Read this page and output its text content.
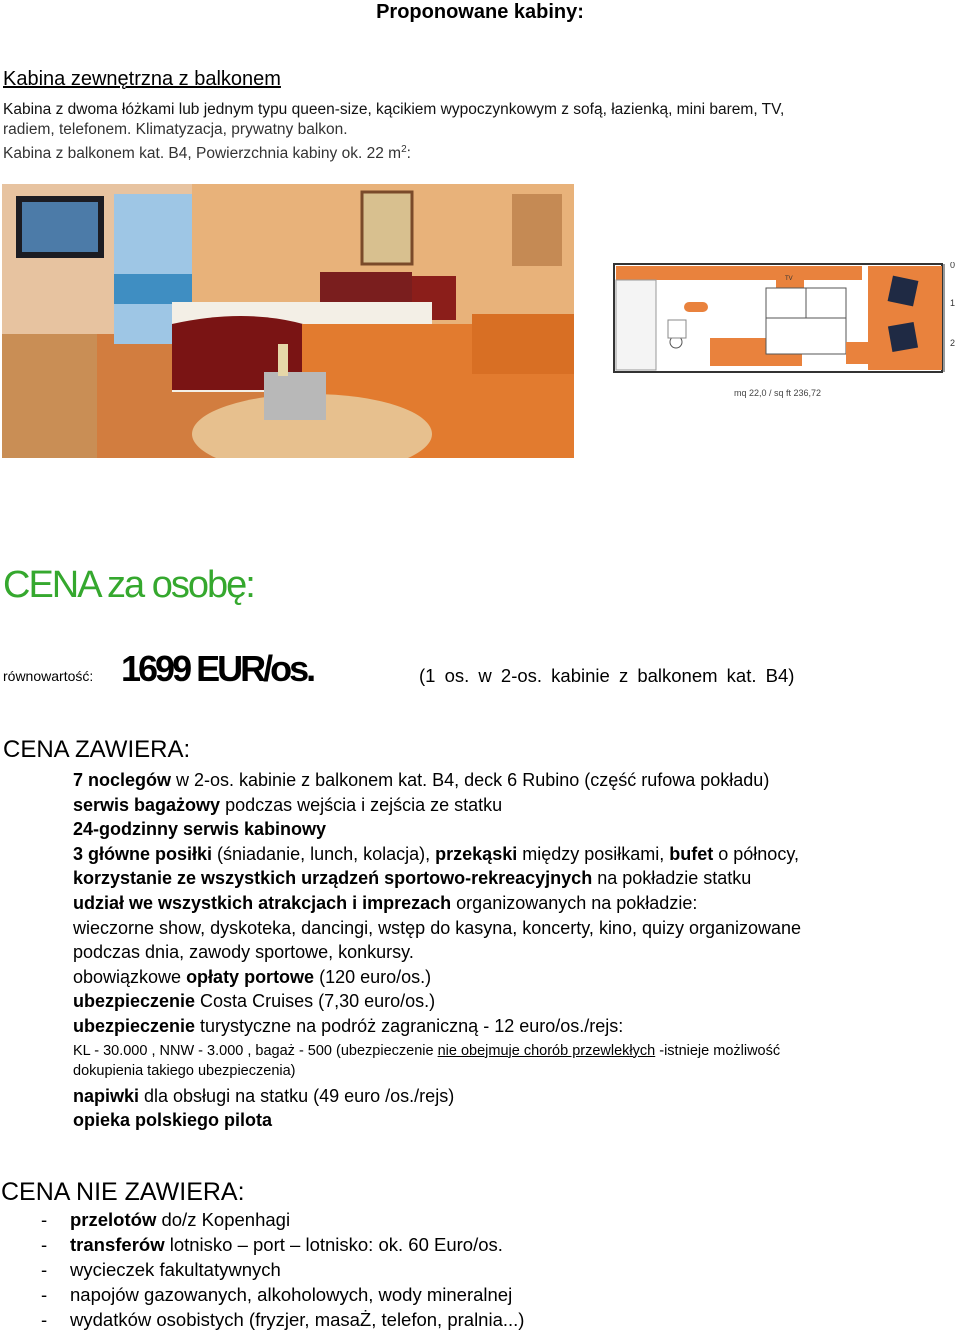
Proponowane kabiny:
Kabina zewnętrzna z balkonem
Kabina z dwoma łóżkami lub jednym typu queen-size, kącikiem wypoczynkowym z sofą, łazienką, mini barem, TV,
radiem, telefonem. Klimatyzacja, prywatny balkon.
Kabina z balkonem kat. B4, Powierzchnia kabiny ok. 22 $m^2$:
TV
0
1
2
mq 22,0 / sq ft 236,72
CENA za osobę:
równowartość: 1699 EUR/os.	(1 os. w 2-os. kabinie z balkonem kat. B4)
CENA ZAWIERA:
7 noclegów w 2-os. kabinie z balkonem kat. B4, deck 6 Rubino (część rufowa pokładu)
serwis bagażowy podczas wejścia i zejścia ze statku
24-godzinny serwis kabinowy
3 główne posiłki (śniadanie, lunch, kolacja), przekąski między posiłkami, bufet o północy,
korzystanie ze wszystkich urządzeń sportowo-rekreacyjnych na pokładzie statku
udział we wszystkich atrakcjach i imprezach organizowanych na pokładzie:
wieczorne show, dyskoteka, dancingi, wstęp do kasyna, koncerty, kino, quizy organizowane
podczas dnia, zawody sportowe, konkursy.
obowiązkowe opłaty portowe (120 euro/os.)
ubezpieczenie Costa Cruises (7,30 euro/os.)
ubezpieczenie turystyczne na podróż zagraniczną - 12 euro/os./rejs:
KL - 30.000 , NNW - 3.000 , bagaż - 500 (ubezpieczenie nie obejmuje chorób przewlekłych -istnieje możliwość
dokupienia takiego ubezpieczenia)
napiwki dla obsługi na statku (49 euro /os./rejs)
opieka polskiego pilota
CENA NIE ZAWIERA:
- przelotów do/z Kopenhagi
- transferów lotnisko – port – lotnisko: ok. 60 Euro/os.
- wycieczek fakultatywnych
- napojów gazowanych, alkoholowych, wody mineralnej
- wydatków osobistych (fryzjer, masaŻ, telefon, pralnia...)
